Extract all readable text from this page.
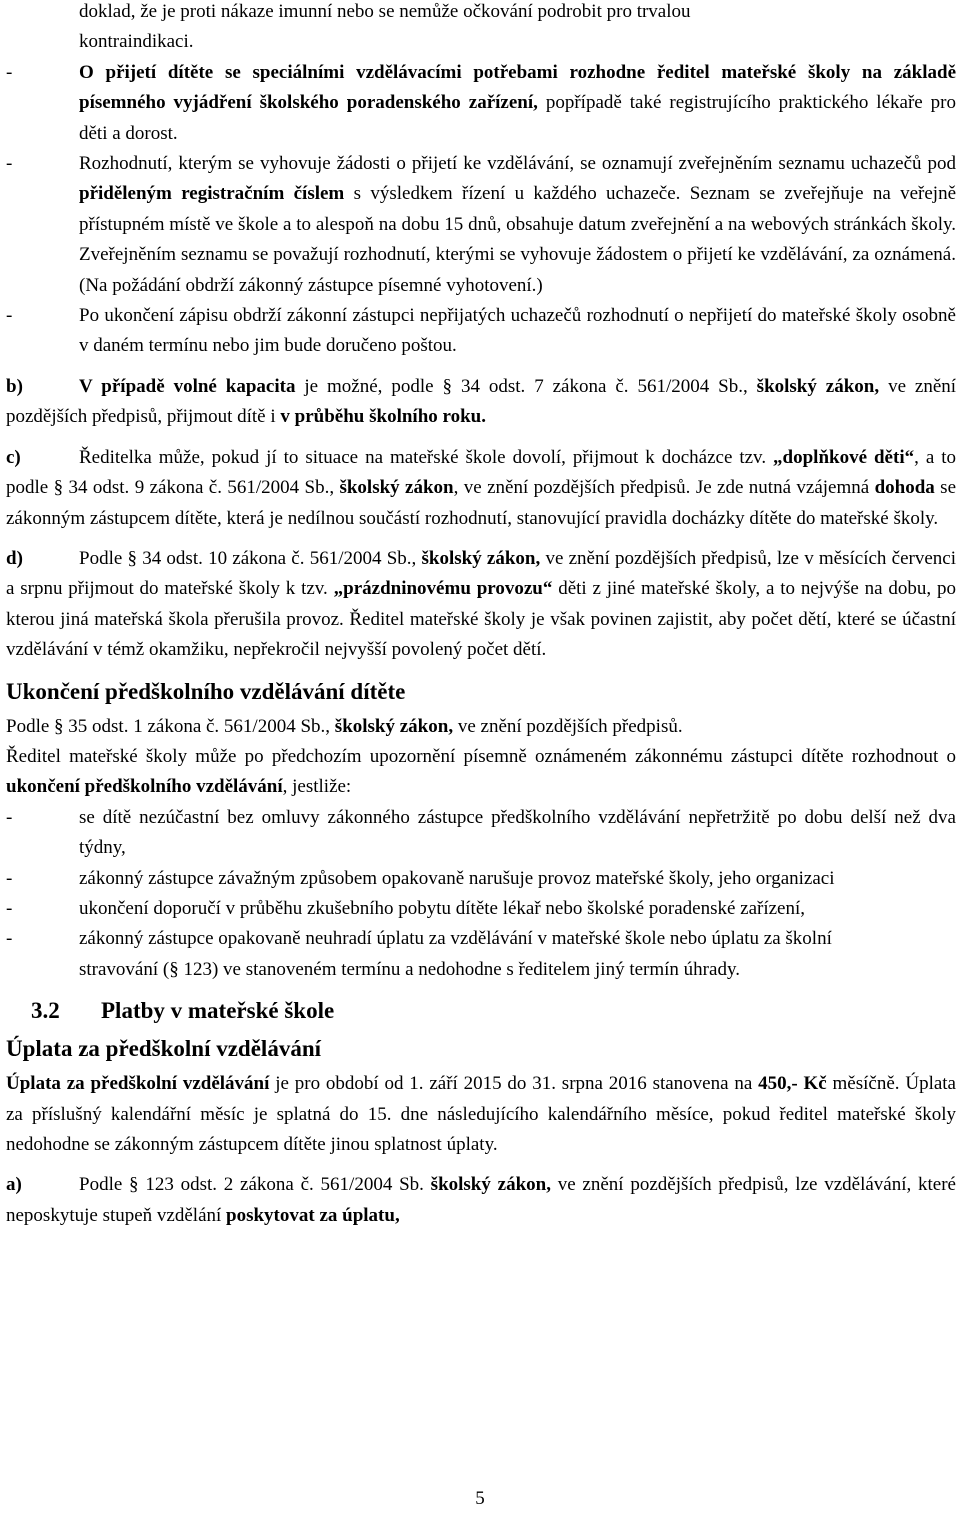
doklad, že je proti nákaze imunní nebo se nemůže očkování podrobit pro trvalou
kontraindikaci.

-	O přijetí dítěte se speciálními vzdělávacími potřebami rozhodne ředitel mateřské školy na základě písemného vyjádření školského poradenského zařízení, popřípadě také registrujícího praktického lékaře pro děti a dorost.

-	Rozhodnutí, kterým se vyhovuje žádosti o přijetí ke vzdělávání, se oznamují zveřejněním seznamu uchazečů pod přiděleným registračním číslem s výsledkem řízení u každého uchazeče. Seznam se zveřejňuje na veřejně přístupném místě ve škole a to alespoň na dobu 15 dnů, obsahuje datum zveřejnění a na webových stránkách školy. Zveřejněním seznamu se považují rozhodnutí, kterými se vyhovuje žádostem o přijetí ke vzdělávání, za oznámená. (Na požádání obdrží zákonný zástupce písemné vyhotovení.)

-	Po ukončení zápisu obdrží zákonní zástupci nepřijatých uchazečů rozhodnutí o nepřijetí do mateřské školy osobně v daném termínu nebo jim bude doručeno poštou.

b)	V případě volné kapacita je možné, podle § 34 odst. 7 zákona č. 561/2004 Sb., školský zákon, ve znění pozdějších předpisů, přijmout dítě i v průběhu školního roku.

c)	Ředitelka může, pokud jí to situace na mateřské škole dovolí, přijmout k docházce tzv. „doplňkové děti“, a to podle § 34 odst. 9 zákona č. 561/2004 Sb., školský zákon, ve znění pozdějších předpisů. Je zde nutná vzájemná dohoda se zákonným zástupcem dítěte, která je nedílnou součástí rozhodnutí, stanovující pravidla docházky dítěte do mateřské školy.

d)	Podle § 34 odst. 10 zákona č. 561/2004 Sb., školský zákon, ve znění pozdějších předpisů, lze v měsících červenci a srpnu přijmout do mateřské školy k tzv. „prázdninovému provozu“ děti z jiné mateřské školy, a to nejvýše na dobu, po kterou jiná mateřská škola přerušila provoz. Ředitel mateřské školy je však povinen zajistit, aby počet dětí, které se účastní vzdělávání v témž okamžiku, nepřekročil nejvyšší povolený počet dětí.

Ukončení předškolního vzdělávání dítěte

Podle § 35 odst. 1 zákona č. 561/2004 Sb., školský zákon, ve znění pozdějších předpisů.

Ředitel mateřské školy může po předchozím upozornění písemně oznámeném zákonnému zástupci dítěte rozhodnout o ukončení předškolního vzdělávání, jestliže:

-	se dítě nezúčastní bez omluvy zákonného zástupce předškolního vzdělávání nepřetržitě po dobu delší než dva týdny,

-	zákonný zástupce závažným způsobem opakovaně narušuje provoz mateřské školy, jeho organizaci

-	ukončení doporučí v průběhu zkušebního pobytu dítěte lékař nebo školské poradenské zařízení,

-	zákonný zástupce opakovaně neuhradí úplatu za vzdělávání v mateřské škole nebo úplatu za školní stravování (§ 123) ve stanoveném termínu a nedohodne s ředitelem jiný termín úhrady.

3.2 Platby v mateřské škole
Úplata za předškolní vzdělávání

Úplata za předškolní vzdělávání je pro období od 1. září 2015 do 31. srpna 2016 stanovena na 450,- Kč měsíčně. Úplata za příslušný kalendářní měsíc je splatná do 15. dne následujícího kalendářního měsíce, pokud ředitel mateřské školy nedohodne se zákonným zástupcem dítěte jinou splatnost úplaty.

a)	Podle § 123 odst. 2 zákona č. 561/2004 Sb. školský zákon, ve znění pozdějších předpisů, lze vzdělávání, které neposkytuje stupeň vzdělání poskytovat za úplatu,

5
